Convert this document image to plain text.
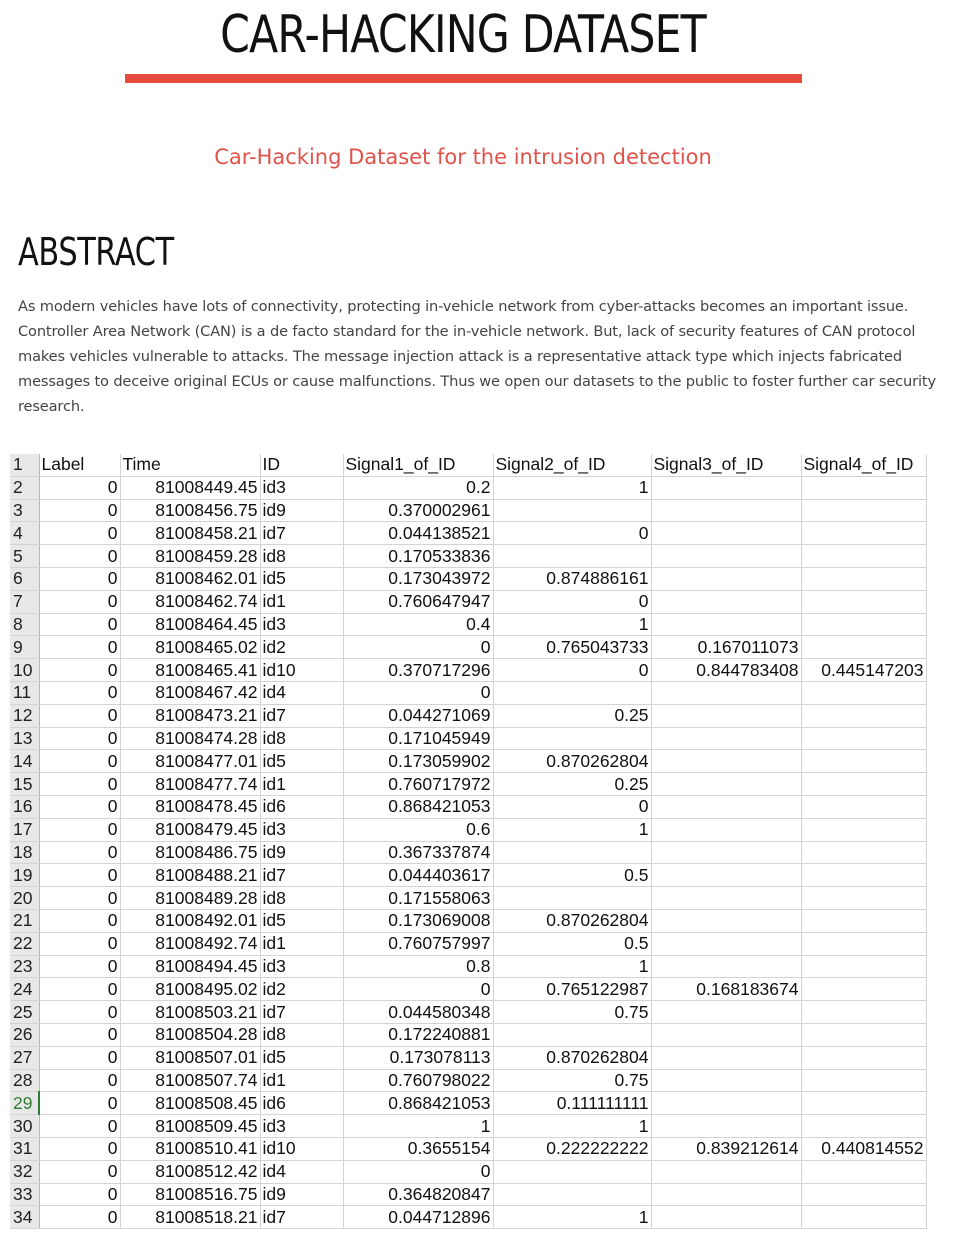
CAR-HACKING DATASET
Car-Hacking Dataset for the intrusion detection
ABSTRACT
As modern vehicles have lots of connectivity, protecting in-vehicle network from cyber-attacks becomes an important issue.
Controller Area Network (CAN) is a de facto standard for the in-vehicle network. But, lack of security features of CAN protocol
makes vehicles vulnerable to attacks. The message injection attack is a representative attack type which injects fabricated
messages to deceive original ECUs or cause malfunctions. Thus we open our datasets to the public to foster further car security
research.
1	Label	Time	ID	Signal1_of_ID	Signal2_of_ID	Signal3_of_ID	Signal4_of_ID
2	0	81008449.45	id3	0.2	1		
3	0	81008456.75	id9	0.370002961			
4	0	81008458.21	id7	0.044138521	0		
5	0	81008459.28	id8	0.170533836			
6	0	81008462.01	id5	0.173043972	0.874886161		
7	0	81008462.74	id1	0.760647947	0		
8	0	81008464.45	id3	0.4	1		
9	0	81008465.02	id2	0	0.765043733	0.167011073	
10	0	81008465.41	id10	0.370717296	0	0.844783408	0.445147203
11	0	81008467.42	id4	0			
12	0	81008473.21	id7	0.044271069	0.25		
13	0	81008474.28	id8	0.171045949			
14	0	81008477.01	id5	0.173059902	0.870262804		
15	0	81008477.74	id1	0.760717972	0.25		
16	0	81008478.45	id6	0.868421053	0		
17	0	81008479.45	id3	0.6	1		
18	0	81008486.75	id9	0.367337874			
19	0	81008488.21	id7	0.044403617	0.5		
20	0	81008489.28	id8	0.171558063			
21	0	81008492.01	id5	0.173069008	0.870262804		
22	0	81008492.74	id1	0.760757997	0.5		
23	0	81008494.45	id3	0.8	1		
24	0	81008495.02	id2	0	0.765122987	0.168183674	
25	0	81008503.21	id7	0.044580348	0.75		
26	0	81008504.28	id8	0.172240881			
27	0	81008507.01	id5	0.173078113	0.870262804		
28	0	81008507.74	id1	0.760798022	0.75		
29	0	81008508.45	id6	0.868421053	0.111111111		
30	0	81008509.45	id3	1	1		
31	0	81008510.41	id10	0.3655154	0.222222222	0.839212614	0.440814552
32	0	81008512.42	id4	0			
33	0	81008516.75	id9	0.364820847			
34	0	81008518.21	id7	0.044712896	1		
